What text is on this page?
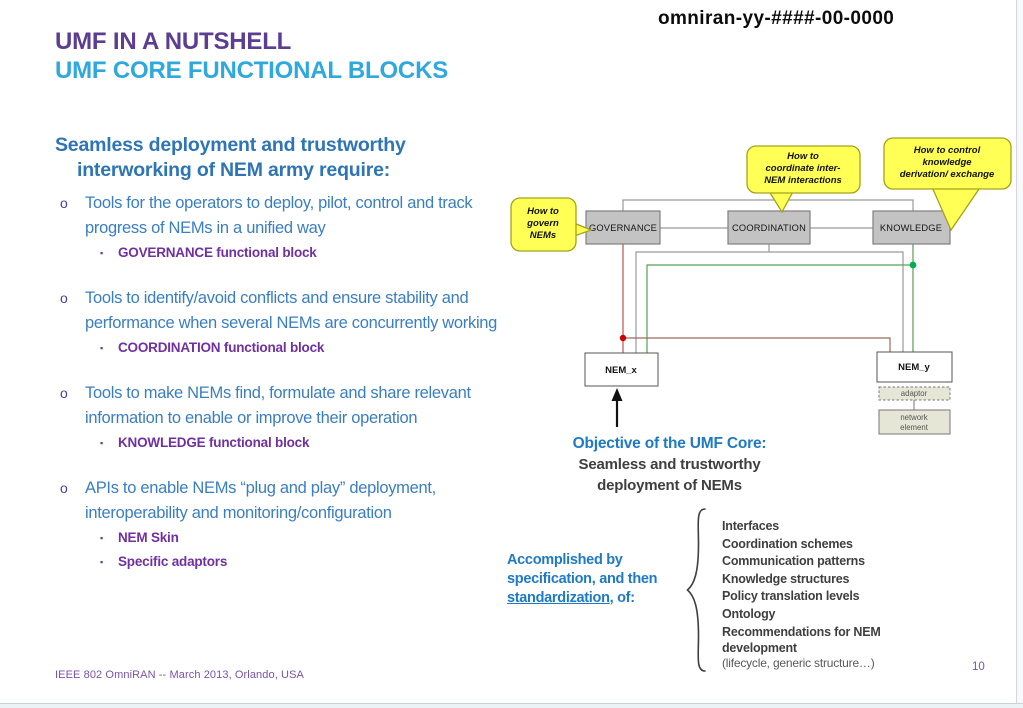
omniran-yy-####-00-0000
UMF IN A NUTSHELL
UMF CORE FUNCTIONAL BLOCKS
Seamless deployment and trustworthy
interworking of NEM army require:
o	Tools for the operators to deploy, pilot, control and track progress of NEMs in a unified way
▪	GOVERNANCE functional block
o	Tools to identify/avoid conflicts and ensure stability and performance when several NEMs are concurrently working
▪	COORDINATION functional block
o	Tools to make NEMs find, formulate and share relevant information to enable or improve their operation
▪	KNOWLEDGE functional block
o	APIs to enable NEMs “plug and play” deployment, interoperability and monitoring/configuration
▪	NEM Skin
▪	Specific adaptors
GOVERNANCE	COORDINATION	KNOWLEDGE
NEM_x	NEM_y
adaptor
network
element
How to
govern
NEMs
How to
coordinate inter-
NEM interactions
How to control
knowledge
derivation/ exchange
Objective of the UMF Core:
Seamless and trustworthy
deployment of NEMs
Accomplished by
specification, and then
standardization, of:
Interfaces
Coordination schemes
Communication patterns
Knowledge structures
Policy translation levels
Ontology
Recommendations for NEM development
(lifecycle, generic structure…)
IEEE 802 OmniRAN -- March 2013, Orlando, USA
10
